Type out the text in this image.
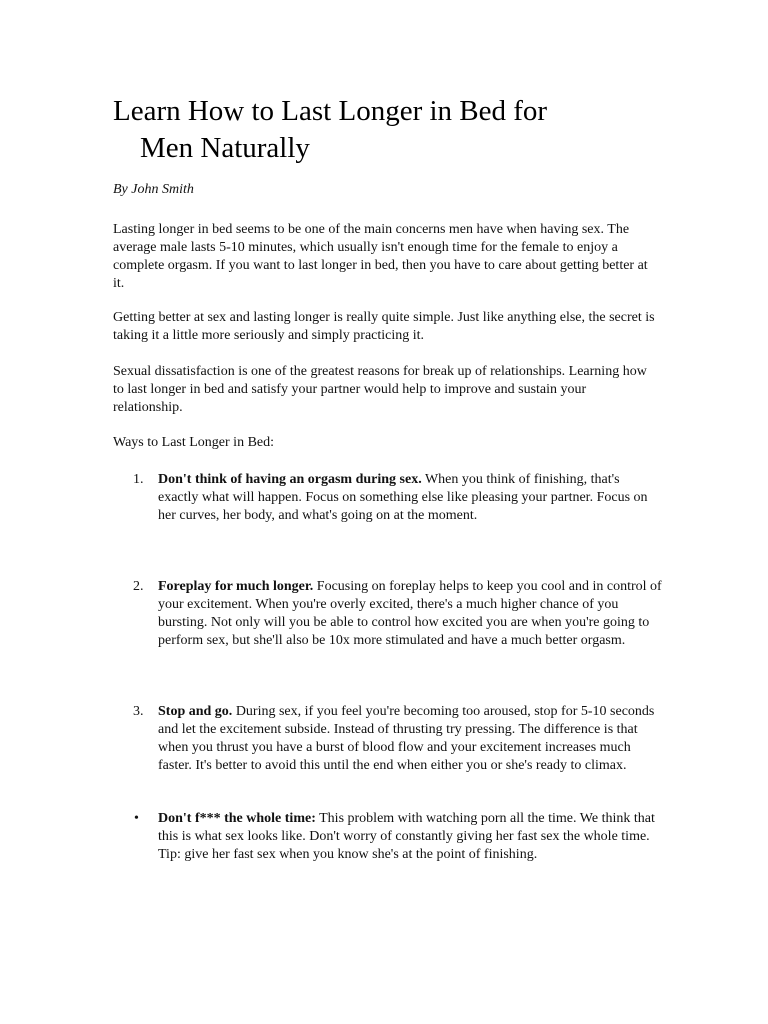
Learn How to Last Longer in Bed for
Men Naturally
By John Smith

Lasting longer in bed seems to be one of the main concerns men have when having sex. The average male lasts 5-10 minutes, which usually isn't enough time for the female to enjoy a complete orgasm. If you want to last longer in bed, then you have to care about getting better at it.

Getting better at sex and lasting longer is really quite simple. Just like anything else, the secret is taking it a little more seriously and simply practicing it.

Sexual dissatisfaction is one of the greatest reasons for break up of relationships. Learning how to last longer in bed and satisfy your partner would help to improve and sustain your relationship.

Ways to Last Longer in Bed:

1. Don't think of having an orgasm during sex. When you think of finishing, that's exactly what will happen. Focus on something else like pleasing your partner. Focus on her curves, her body, and what's going on at the moment.

2. Foreplay for much longer. Focusing on foreplay helps to keep you cool and in control of your excitement. When you're overly excited, there's a much higher chance of you bursting. Not only will you be able to control how excited you are when you're going to perform sex, but she'll also be 10x more stimulated and have a much better orgasm.

3. Stop and go. During sex, if you feel you're becoming too aroused, stop for 5-10 seconds and let the excitement subside. Instead of thrusting try pressing. The difference is that when you thrust you have a burst of blood flow and your excitement increases much faster. It's better to avoid this until the end when either you or she's ready to climax.

• Don't f*** the whole time: This problem with watching porn all the time. We think that this is what sex looks like. Don't worry of constantly giving her fast sex the whole time. Tip: give her fast sex when you know she's at the point of finishing.
